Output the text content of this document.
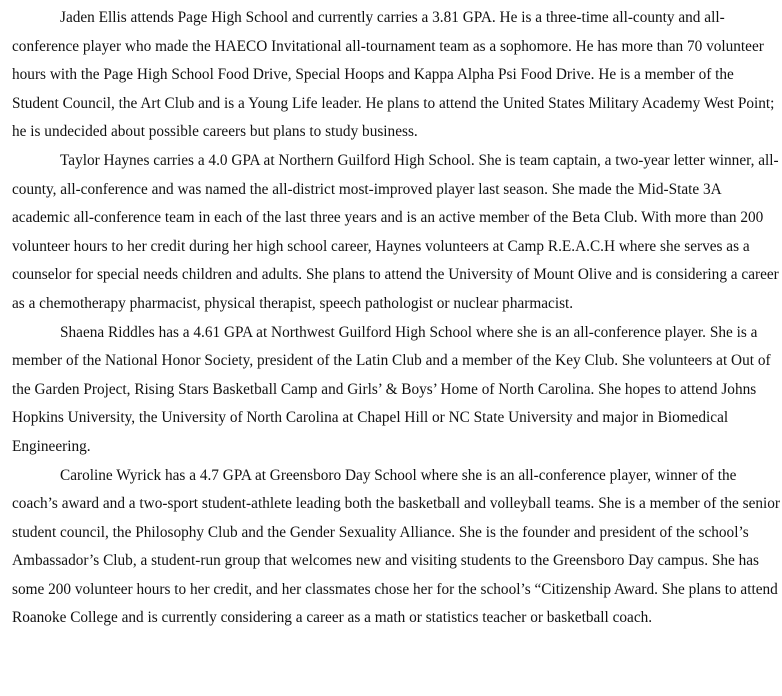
Jaden Ellis attends Page High School and currently carries a 3.81 GPA. He is a three-time all-county and all-conference player who made the HAECO Invitational all-tournament team as a sophomore. He has more than 70 volunteer hours with the Page High School Food Drive, Special Hoops and Kappa Alpha Psi Food Drive. He is a member of the Student Council, the Art Club and is a Young Life leader. He plans to attend the United States Military Academy West Point; he is undecided about possible careers but plans to study business.

Taylor Haynes carries a 4.0 GPA at Northern Guilford High School. She is team captain, a two-year letter winner, all-county, all-conference and was named the all-district most-improved player last season. She made the Mid-State 3A academic all-conference team in each of the last three years and is an active member of the Beta Club. With more than 200 volunteer hours to her credit during her high school career, Haynes volunteers at Camp R.E.A.C.H where she serves as a counselor for special needs children and adults. She plans to attend the University of Mount Olive and is considering a career as a chemotherapy pharmacist, physical therapist, speech pathologist or nuclear pharmacist.

Shaena Riddles has a 4.61 GPA at Northwest Guilford High School where she is an all-conference player. She is a member of the National Honor Society, president of the Latin Club and a member of the Key Club. She volunteers at Out of the Garden Project, Rising Stars Basketball Camp and Girls’ & Boys’ Home of North Carolina. She hopes to attend Johns Hopkins University, the University of North Carolina at Chapel Hill or NC State University and major in Biomedical Engineering.

Caroline Wyrick has a 4.7 GPA at Greensboro Day School where she is an all-conference player, winner of the coach’s award and a two-sport student-athlete leading both the basketball and volleyball teams. She is a member of the senior student council, the Philosophy Club and the Gender Sexuality Alliance. She is the founder and president of the school’s Ambassador’s Club, a student-run group that welcomes new and visiting students to the Greensboro Day campus. She has some 200 volunteer hours to her credit, and her classmates chose her for the school’s “Citizenship Award. She plans to attend Roanoke College and is currently considering a career as a math or statistics teacher or basketball coach.
